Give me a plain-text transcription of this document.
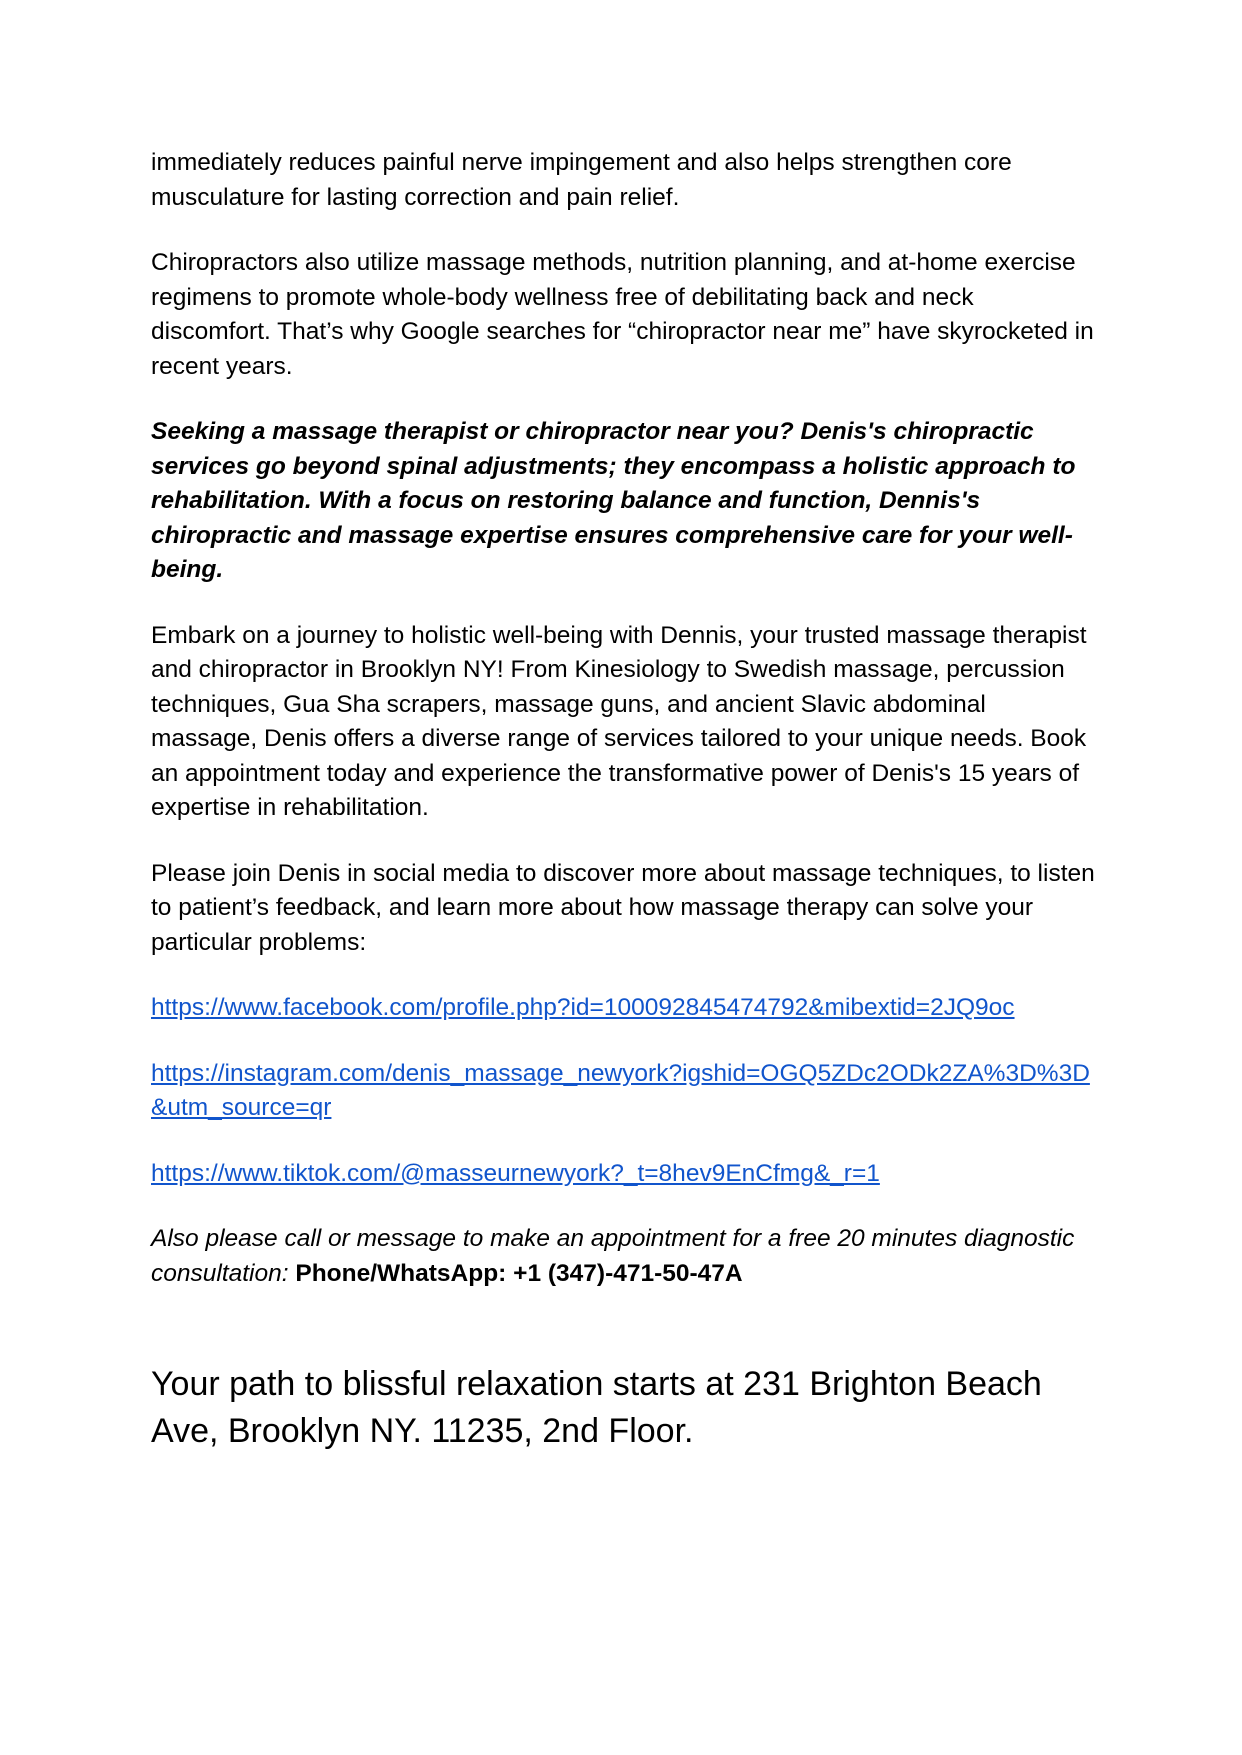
immediately reduces painful nerve impingement and also helps strengthen core musculature for lasting correction and pain relief.

Chiropractors also utilize massage methods, nutrition planning, and at-home exercise regimens to promote whole-body wellness free of debilitating back and neck discomfort. That’s why Google searches for “chiropractor near me” have skyrocketed in recent years.

Seeking a massage therapist or chiropractor near you? Denis's chiropractic services go beyond spinal adjustments; they encompass a holistic approach to rehabilitation. With a focus on restoring balance and function, Dennis's chiropractic and massage expertise ensures comprehensive care for your well-being.

Embark on a journey to holistic well-being with Dennis, your trusted massage therapist and chiropractor in Brooklyn NY! From Kinesiology to Swedish massage, percussion techniques, Gua Sha scrapers, massage guns, and ancient Slavic abdominal massage, Denis offers a diverse range of services tailored to your unique needs. Book an appointment today and experience the transformative power of Denis's 15 years of expertise in rehabilitation.

Please join Denis in social media to discover more about massage techniques, to listen to patient’s feedback, and learn more about how massage therapy can solve your particular problems:

https://www.facebook.com/profile.php?id=100092845474792&mibextid=2JQ9oc
https://instagram.com/denis_massage_newyork?igshid=OGQ5ZDc2ODk2ZA%3D%3D&utm_source=qr
https://www.tiktok.com/@masseurnewyork?_t=8hev9EnCfmg&_r=1

Also please call or message to make an appointment for a free 20 minutes diagnostic consultation: Phone/WhatsApp: +1 (347)-471-50-47A

Your path to blissful relaxation starts at 231 Brighton Beach Ave, Brooklyn NY. 11235, 2nd Floor.
